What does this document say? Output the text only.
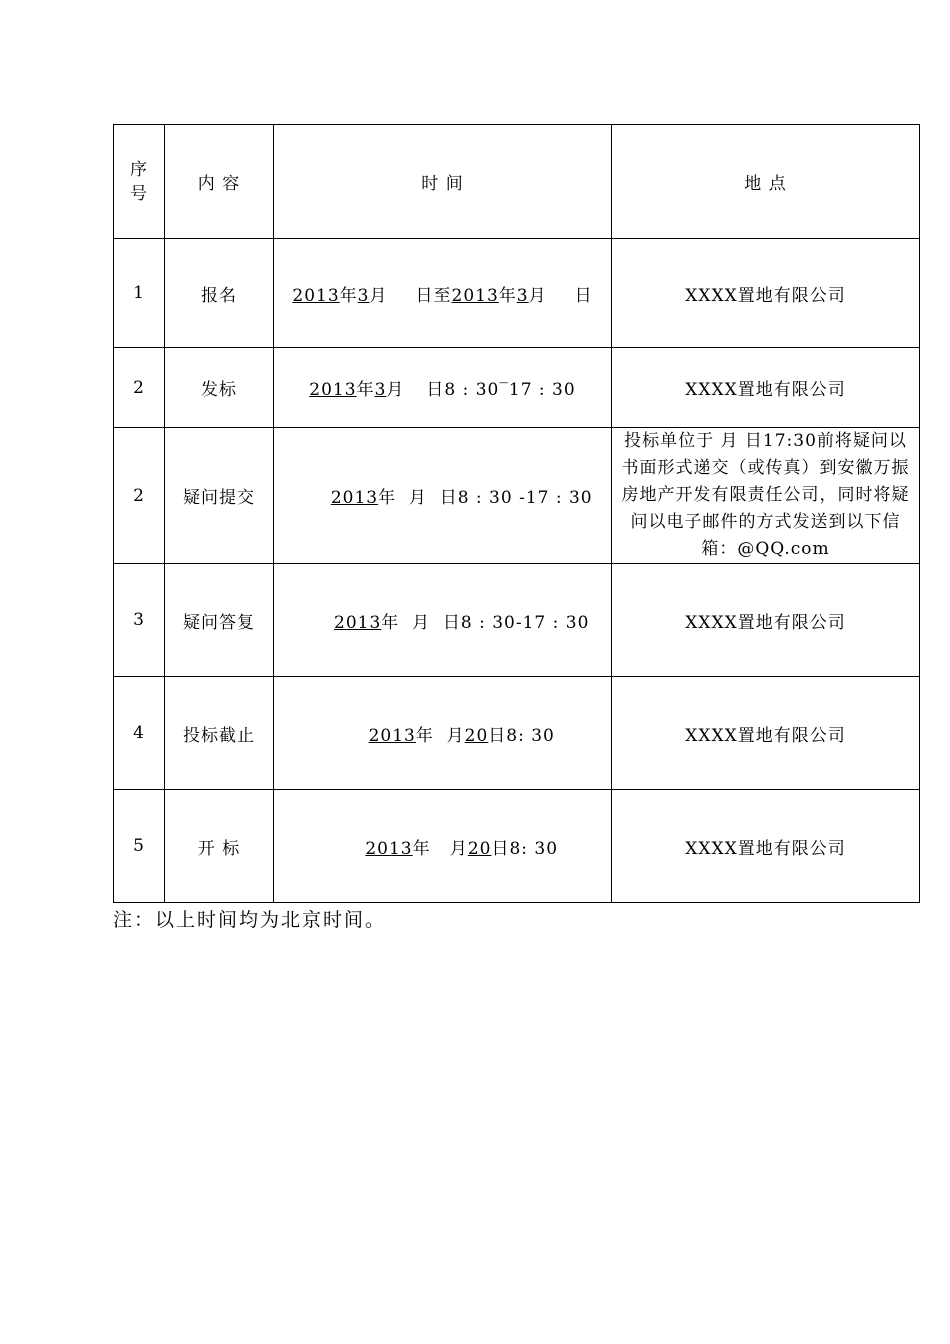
序
号	内 容	时 间	地 点
1	报名	2013年3月 日至2013年3月 日	XXXX置地有限公司
2	发标	2013年3月 日8 : 30‾17 : 30	XXXX置地有限公司
2	疑问提交	2013年  月  日8 : 30 -17 : 30	投标单位于 月 日17:30前将疑问以书面形式递交（或传真）到安徽万振房地产开发有限责任公司，同时将疑问以电子邮件的方式发送到以下信箱：@QQ.com
3	疑问答复	2013年  月  日8 : 30-17 : 30	XXXX置地有限公司
4	投标截止	2013年  月20日8: 30	XXXX置地有限公司
5	开 标	2013年   月20日8: 30	XXXX置地有限公司
注：以上时间均为北京时间。
